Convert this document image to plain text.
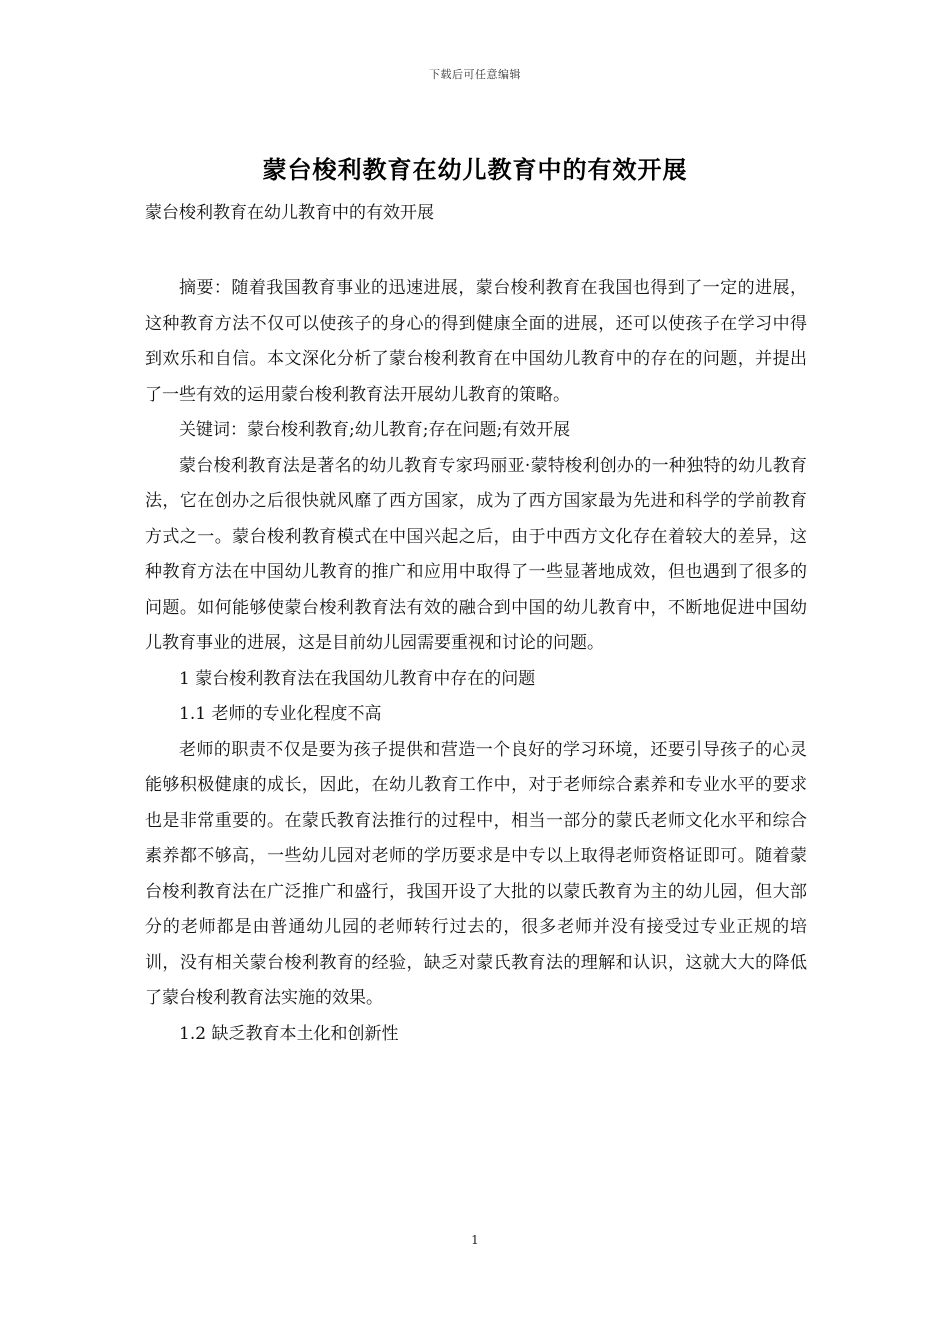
下载后可任意编辑
蒙台梭利教育在幼儿教育中的有效开展
蒙台梭利教育在幼儿教育中的有效开展

摘要：随着我国教育事业的迅速进展，蒙台梭利教育在我国也得到了一定的进展，这种教育方法不仅可以使孩子的身心的得到健康全面的进展，还可以使孩子在学习中得到欢乐和自信。本文深化分析了蒙台梭利教育在中国幼儿教育中的存在的问题，并提出了一些有效的运用蒙台梭利教育法开展幼儿教育的策略。

关键词：蒙台梭利教育;幼儿教育;存在问题;有效开展

蒙台梭利教育法是著名的幼儿教育专家玛丽亚·蒙特梭利创办的一种独特的幼儿教育法，它在创办之后很快就风靡了西方国家，成为了西方国家最为先进和科学的学前教育方式之一。蒙台梭利教育模式在中国兴起之后，由于中西方文化存在着较大的差异，这种教育方法在中国幼儿教育的推广和应用中取得了一些显著地成效，但也遇到了很多的问题。如何能够使蒙台梭利教育法有效的融合到中国的幼儿教育中，不断地促进中国幼儿教育事业的进展，这是目前幼儿园需要重视和讨论的问题。

1 蒙台梭利教育法在我国幼儿教育中存在的问题

1.1 老师的专业化程度不高

老师的职责不仅是要为孩子提供和营造一个良好的学习环境，还要引导孩子的心灵能够积极健康的成长，因此，在幼儿教育工作中，对于老师综合素养和专业水平的要求也是非常重要的。在蒙氏教育法推行的过程中，相当一部分的蒙氏老师文化水平和综合素养都不够高，一些幼儿园对老师的学历要求是中专以上取得老师资格证即可。随着蒙台梭利教育法在广泛推广和盛行，我国开设了大批的以蒙氏教育为主的幼儿园，但大部分的老师都是由普通幼儿园的老师转行过去的，很多老师并没有接受过专业正规的培训，没有相关蒙台梭利教育的经验，缺乏对蒙氏教育法的理解和认识，这就大大的降低了蒙台梭利教育法实施的效果。

1.2 缺乏教育本土化和创新性

1
